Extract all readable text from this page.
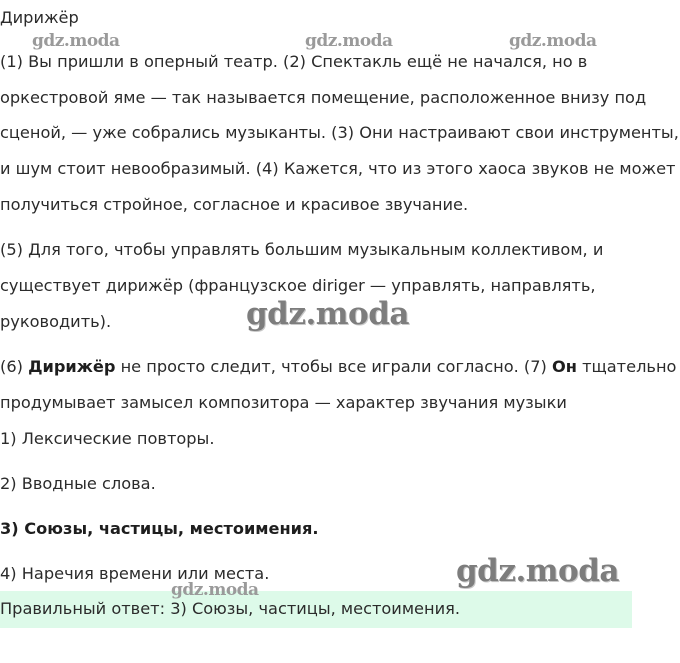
Дирижёр
(1) Вы пришли в оперный театр. (2) Спектакль ещё не начался, но в
оркестровой яме — так называется помещение, расположенное внизу под
сценой, — уже собрались музыканты. (3) Они настраивают свои инструменты,
и шум стоит невообразимый. (4) Кажется, что из этого хаоса звуков не может
получиться стройное, согласное и красивое звучание.
(5) Для того, чтобы управлять большим музыкальным коллективом, и
существует дирижёр (французское diriger — управлять, направлять,
руководить).
(6) Дирижёр не просто следит, чтобы все играли согласно. (7) Он тщательно
продумывает замысел композитора — характер звучания музыки
1) Лексические повторы.
2) Вводные слова.
3) Союзы, частицы, местоимения.
4) Наречия времени или места.
Правильный ответ: 3) Союзы, частицы, местоимения.
gdz.moda	gdz.moda	gdz.moda
gdz.moda
gdz.moda
gdz.moda
